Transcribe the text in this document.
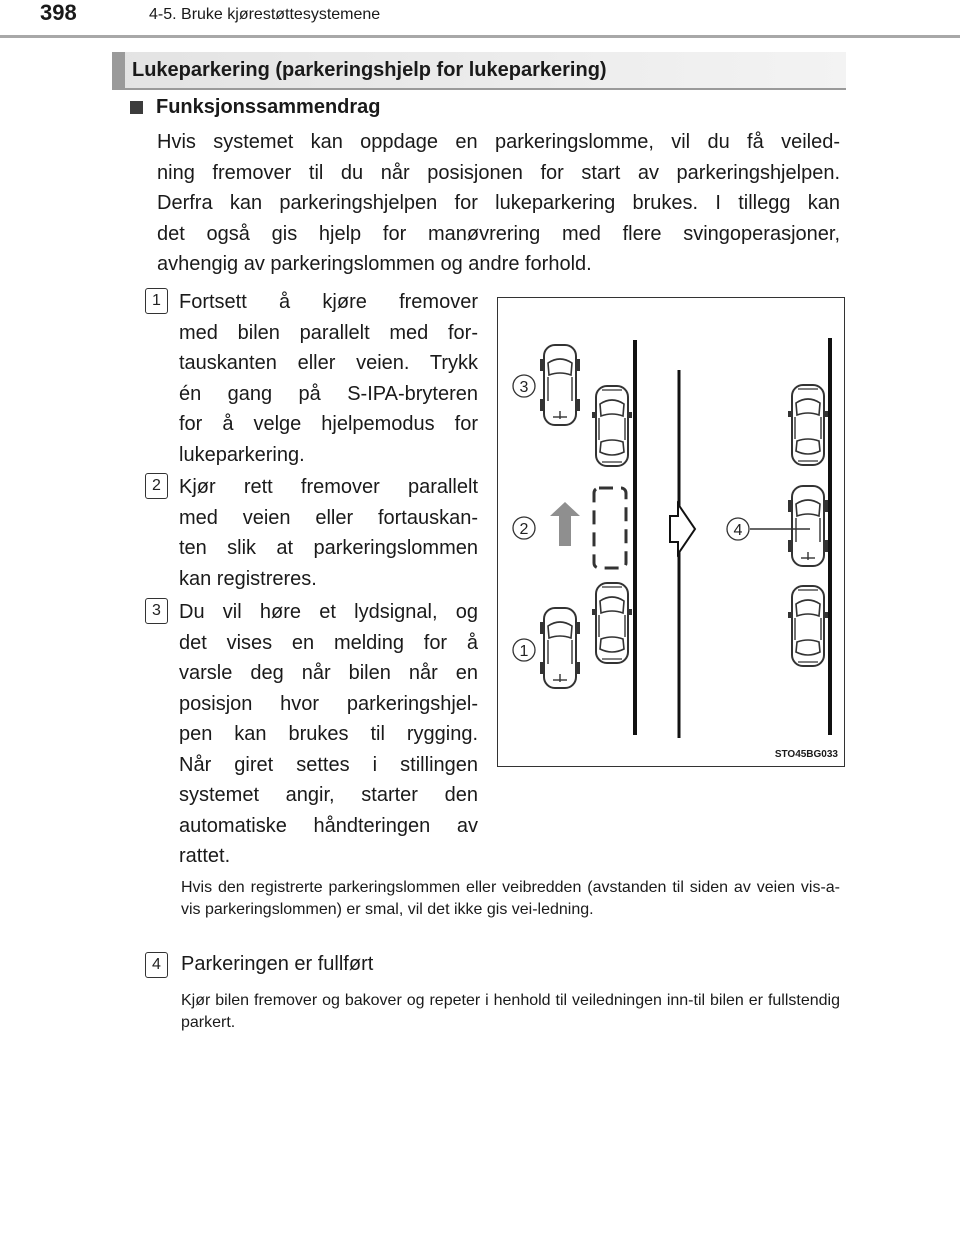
398	4-5. Bruke kjørestøttesystemene
Lukeparkering (parkeringshjelp for lukeparkering)
Funksjonssammendrag
Hvis systemet kan oppdage en parkeringslomme, vil du få veiled-
ning fremover til du når posisjonen for start av parkeringshjelpen.
Derfra kan parkeringshjelpen for lukeparkering brukes. I tillegg kan
det også gis hjelp for manøvrering med flere svingoperasjoner,
avhengig av parkeringslommen og andre forhold.
1 Fortsett å kjøre fremover
med bilen parallelt med for-
tauskanten eller veien. Trykk
én gang på S-IPA-bryteren
for å velge hjelpemodus for
lukeparkering.
2 Kjør rett fremover parallelt
med veien eller fortauskan-
ten slik at parkeringslommen
kan registreres.
3 Du vil høre et lydsignal, og
det vises en melding for å
varsle deg når bilen når en
posisjon hvor parkeringshjel-
pen kan brukes til rygging.
Når giret settes i stillingen
systemet angir, starter den
automatiske håndteringen av
rattet.
Hvis den registrerte parkeringslommen eller veibredden (avstanden til siden av veien vis-a-vis parkeringslommen) er smal, vil det ikke gis vei-ledning.
4	Parkeringen er fullført
Kjør bilen fremover og bakover og repeter i henhold til veiledningen inn-til bilen er fullstendig parkert.
3
2
1
4
STO45BG033
